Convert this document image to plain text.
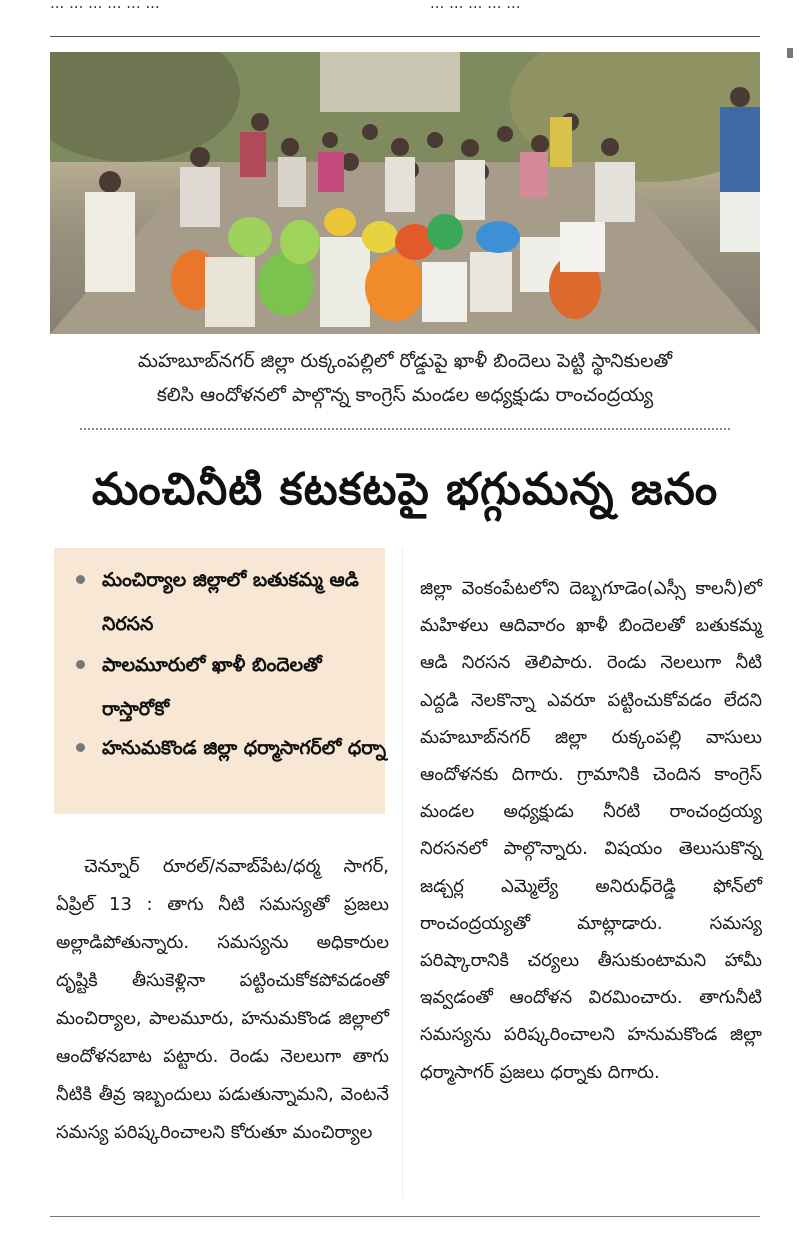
... ... ... ... ... ...	... ... ... ... ...
మహబూబ్‌నగర్ జిల్లా రుక్కంపల్లిలో రోడ్డుపై ఖాళీ బిందెలు పెట్టి స్థానికులతో
కలిసి ఆందోళనలో పాల్గొన్న కాంగ్రెస్ మండల అధ్యక్షుడు రాంచంద్రయ్య
మంచినీటి కటకటపై భగ్గుమన్న జనం
మంచిర్యాల జిల్లాలో బతుకమ్మ ఆడి నిరసన
పాలమూరులో ఖాళీ బిందెలతో రాస్తారోకో
హనుమకొండ జిల్లా ధర్మాసాగర్‌లో ధర్నా
చెన్నూర్ రూరల్/నవాబ్‌పేట/ధర్మ సాగర్, ఏప్రిల్ 13 : తాగు నీటి సమస్యతో ప్రజలు అల్లాడిపోతున్నారు. సమస్యను అధికారుల దృష్టికి తీసుకెళ్లినా పట్టించుకోకపోవడంతో మంచిర్యాల, పాలమూరు, హనుమకొండ జిల్లాలో ఆందోళనబాట పట్టారు. రెండు నెలలుగా తాగు నీటికి తీవ్ర ఇబ్బందులు పడుతున్నామని, వెంటనే సమస్య పరిష్కరించాలని కోరుతూ మంచిర్యాల
జిల్లా వెంకంపేటలోని దెబ్బగూడెం(ఎస్సీ కాలనీ)లో మహిళలు ఆదివారం ఖాళీ బిందెలతో బతుకమ్మ ఆడి నిరసన తెలిపారు. రెండు నెలలుగా నీటి ఎద్దడి నెలకొన్నా ఎవరూ పట్టించుకోవడం లేదని మహబూబ్‌నగర్ జిల్లా రుక్కంపల్లి వాసులు ఆందోళనకు దిగారు. గ్రామానికి చెందిన కాంగ్రెస్ మండల అధ్యక్షుడు నీరటి రాంచంద్రయ్య నిరసనలో పాల్గొన్నారు. విషయం తెలుసుకొన్న జడ్చర్ల ఎమ్మెల్యే అనిరుధ్‌రెడ్డి ఫోన్‌లో రాంచంద్రయ్యతో మాట్లాడారు. సమస్య పరిష్కారానికి చర్యలు తీసుకుంటామని హామీ ఇవ్వడంతో ఆందోళన విరమించారు. తాగునీటి సమస్యను పరిష్కరించాలని హనుమకొండ జిల్లా ధర్మాసాగర్ ప్రజలు ధర్నాకు దిగారు.
